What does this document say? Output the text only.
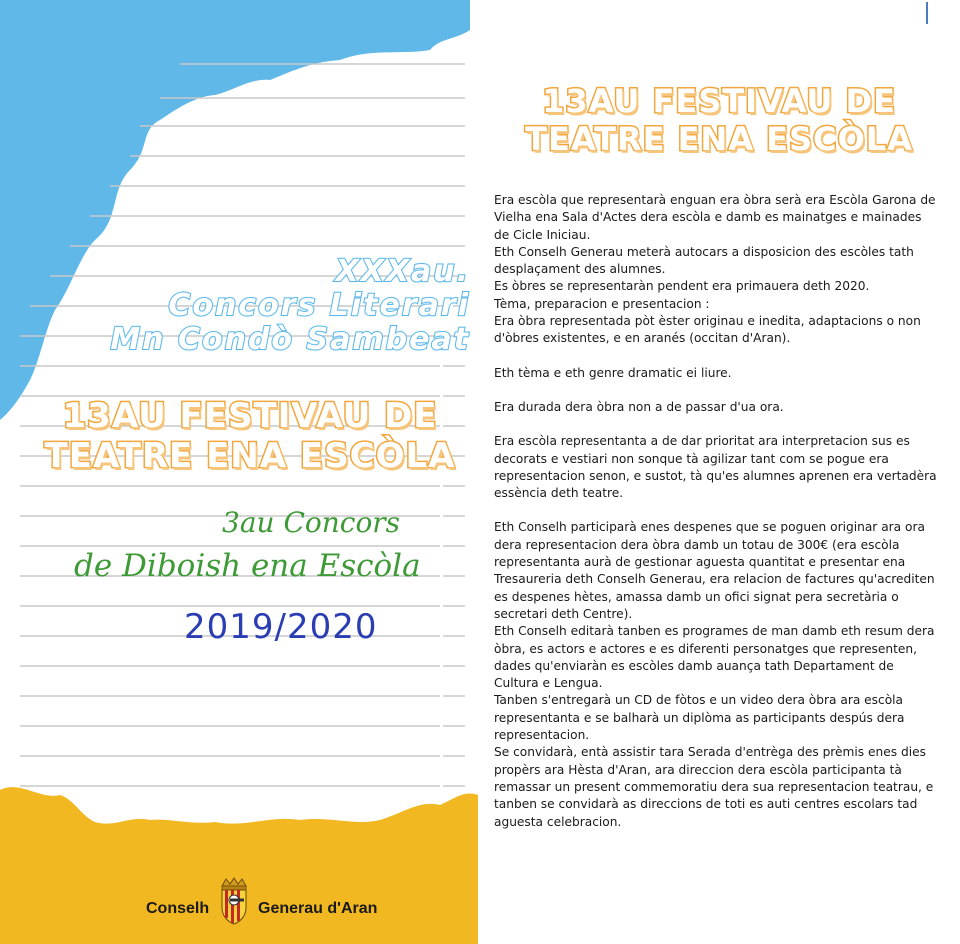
XXXau.
Concors Literari
Mn Condò Sambeat
13AU FESTIVAU DE
TEATRE ENA ESCÒLA
3au Concors
de Diboish ena Escòla
2019/2020
Conselh	Generau d'Aran
13AU FESTIVAU DE
TEATRE ENA ESCÒLA

Era escòla que representarà enguan era òbra serà era Escòla Garona de Vielha ena Sala d'Actes dera escòla e damb es mainatges e mainades de Cicle Iniciau.

Eth Conselh Generau meterà autocars a disposicion des escòles tath desplaçament des alumnes.

Es òbres se representaràn pendent era primauera deth 2020.

Tèma, preparacion e presentacion :

Era òbra representada pòt èster originau e inedita, adaptacions o non d'òbres existentes, e en aranés (occitan d'Aran).

Eth tèma e eth genre dramatic ei liure.

Era durada dera òbra non a de passar d'ua ora.

Era escòla representanta a de dar prioritat ara interpretacion sus es decorats e vestiari non sonque tà agilizar tant com se pogue era representacion senon, e sustot, tà qu'es alumnes aprenen era vertadèra essència deth teatre.

Eth Conselh participarà enes despenes que se poguen originar ara ora dera representacion dera òbra damb un totau de 300€ (era escòla representanta aurà de gestionar aguesta quantitat e presentar ena Tresaureria deth Conselh Generau, era relacion de factures qu'acrediten es despenes hètes, amassa damb un ofici signat pera secretària o secretari deth Centre).

Eth Conselh editarà tanben es programes de man damb eth resum dera òbra, es actors e actores e es diferenti personatges que representen, dades qu'enviaràn es escòles damb auança tath Departament de Cultura e Lengua.

Tanben s'entregarà un CD de fòtos e un video dera òbra ara escòla representanta e se balharà un diplòma as participants despús dera representacion.

Se convidarà, entà assistir tara Serada d'entrèga des prèmis enes dies propèrs ara Hèsta d'Aran, ara direccion dera escòla participanta tà remassar un present commemoratiu dera sua representacion teatrau, e tanben se convidarà as direccions de toti es auti centres escolars tad aguesta celebracion.
